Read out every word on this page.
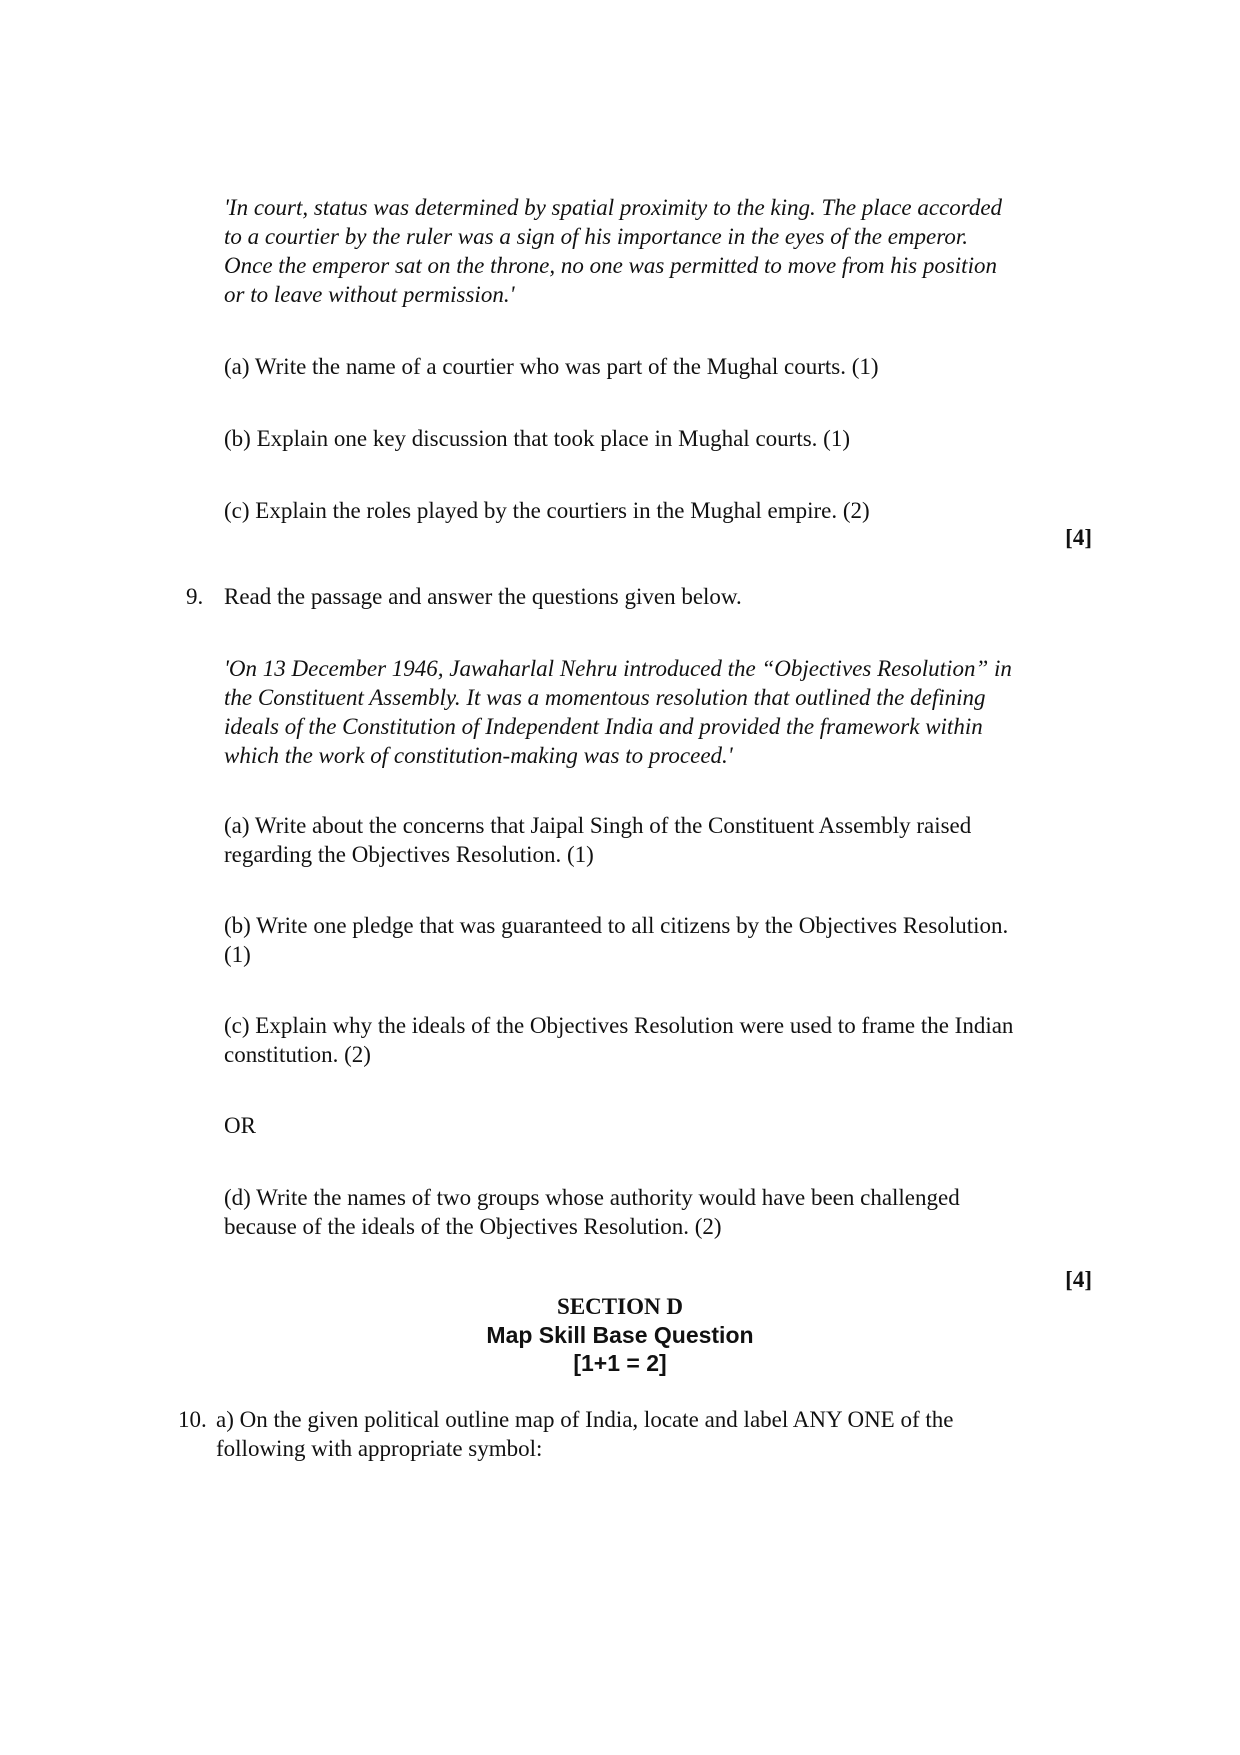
'In court, status was determined by spatial proximity to the king. The place accorded
to a courtier by the ruler was a sign of his importance in the eyes of the emperor.
Once the emperor sat on the throne, no one was permitted to move from his position
or to leave without permission.'
(a) Write the name of a courtier who was part of the Mughal courts. (1)
(b) Explain one key discussion that took place in Mughal courts. (1)
(c) Explain the roles played by the courtiers in the Mughal empire. (2)
[4]
9. Read the passage and answer the questions given below.
'On 13 December 1946, Jawaharlal Nehru introduced the “Objectives Resolution” in
the Constituent Assembly. It was a momentous resolution that outlined the defining
ideals of the Constitution of Independent India and provided the framework within
which the work of constitution-making was to proceed.'
(a) Write about the concerns that Jaipal Singh of the Constituent Assembly raised
regarding the Objectives Resolution. (1)
(b) Write one pledge that was guaranteed to all citizens by the Objectives Resolution.
(1)
(c) Explain why the ideals of the Objectives Resolution were used to frame the Indian
constitution. (2)
OR
(d) Write the names of two groups whose authority would have been challenged
because of the ideals of the Objectives Resolution. (2)
[4]
SECTION D
Map Skill Base Question
[1+1 = 2]
10. a) On the given political outline map of India, locate and label ANY ONE of the
following with appropriate symbol:
